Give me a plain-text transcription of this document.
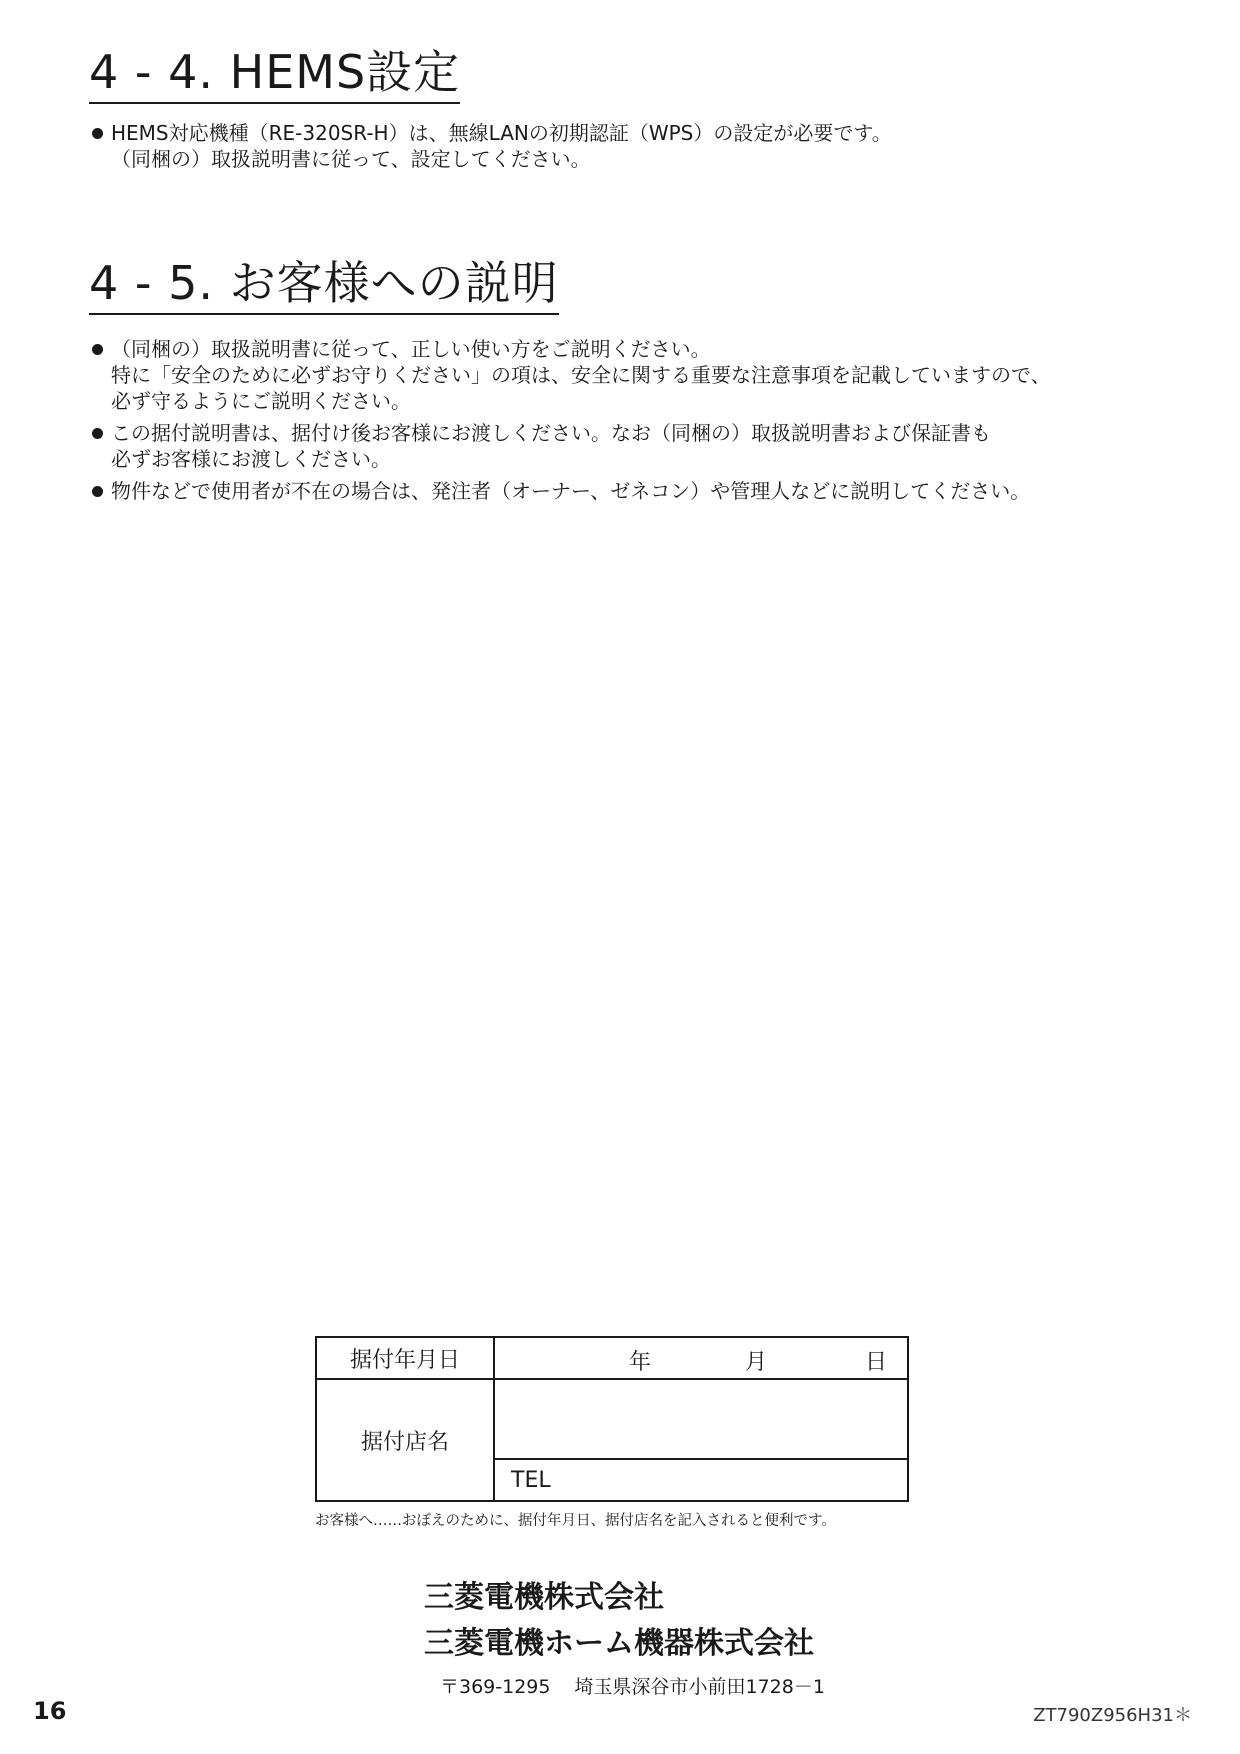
4 - 4. HEMS設定
HEMS対応機種（RE-320SR-H）は、無線LANの初期認証（WPS）の設定が必要です。
（同梱の）取扱説明書に従って、設定してください。
4 - 5. お客様への説明
（同梱の）取扱説明書に従って、正しい使い方をご説明ください。
特に「安全のために必ずお守りください」の項は、安全に関する重要な注意事項を記載していますので、
必ず守るようにご説明ください。
この据付説明書は、据付け後お客様にお渡しください。なお（同梱の）取扱説明書および保証書も
必ずお客様にお渡しください。
物件などで使用者が不在の場合は、発注者（オーナー、ゼネコン）や管理人などに説明してください。
据付年月日	年 月 日

据付店名	
	TEL
お客様へ……おぼえのために、据付年月日、据付店名を記入されると便利です。
三菱電機株式会社
三菱電機ホーム機器株式会社
〒369-1295 埼玉県深谷市小前田1728－1
16	ZT790Z956H31＊
